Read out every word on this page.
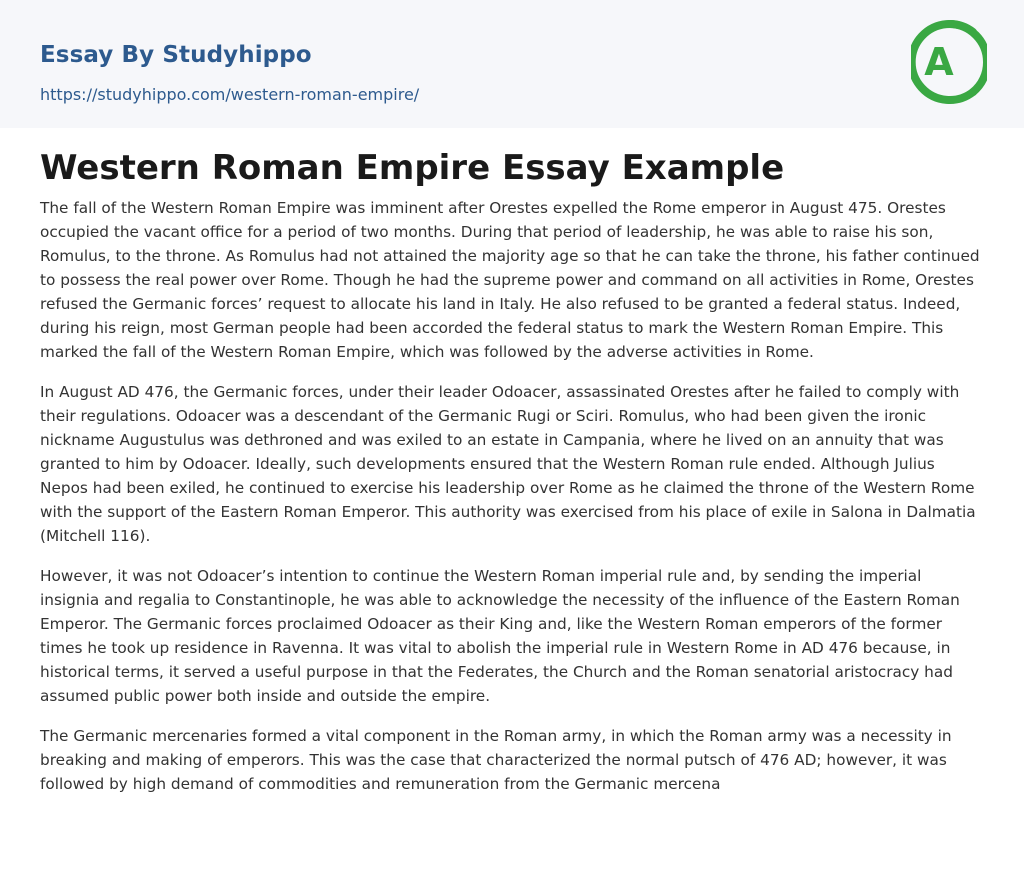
Essay By Studyhippo
https://studyhippo.com/western-roman-empire/
A
Western Roman Empire Essay Example

The fall of the Western Roman Empire was imminent after Orestes expelled the Rome emperor in August 475. Orestes occupied the vacant office for a period of two months. During that period of leadership, he was able to raise his son, Romulus, to the throne. As Romulus had not attained the majority age so that he can take the throne, his father continued to possess the real power over Rome. Though he had the supreme power and command on all activities in Rome, Orestes refused the Germanic forces’ request to allocate his land in Italy. He also refused to be granted a federal status. Indeed, during his reign, most German people had been accorded the federal status to mark the Western Roman Empire. This marked the fall of the Western Roman Empire, which was followed by the adverse activities in Rome.

In August AD 476, the Germanic forces, under their leader Odoacer, assassinated Orestes after he failed to comply with their regulations. Odoacer was a descendant of the Germanic Rugi or Sciri. Romulus, who had been given the ironic nickname Augustulus was dethroned and was exiled to an estate in Campania, where he lived on an annuity that was granted to him by Odoacer. Ideally, such developments ensured that the Western Roman rule ended. Although Julius Nepos had been exiled, he continued to exercise his leadership over Rome as he claimed the throne of the Western Rome with the support of the Eastern Roman Emperor. This authority was exercised from his place of exile in Salona in Dalmatia (Mitchell 116).

However, it was not Odoacer’s intention to continue the Western Roman imperial rule and, by sending the imperial insignia and regalia to Constantinople, he was able to acknowledge the necessity of the influence of the Eastern Roman Emperor. The Germanic forces proclaimed Odoacer as their King and, like the Western Roman emperors of the former times he took up residence in Ravenna. It was vital to abolish the imperial rule in Western Rome in AD 476 because, in historical terms, it served a useful purpose in that the Federates, the Church and the Roman senatorial aristocracy had assumed public power both inside and outside the empire.

The Germanic mercenaries formed a vital component in the Roman army, in which the Roman army was a necessity in breaking and making of emperors. This was the case that characterized the normal putsch of 476 AD; however, it was followed by high demand of commodities and remuneration from the Germanic mercena
